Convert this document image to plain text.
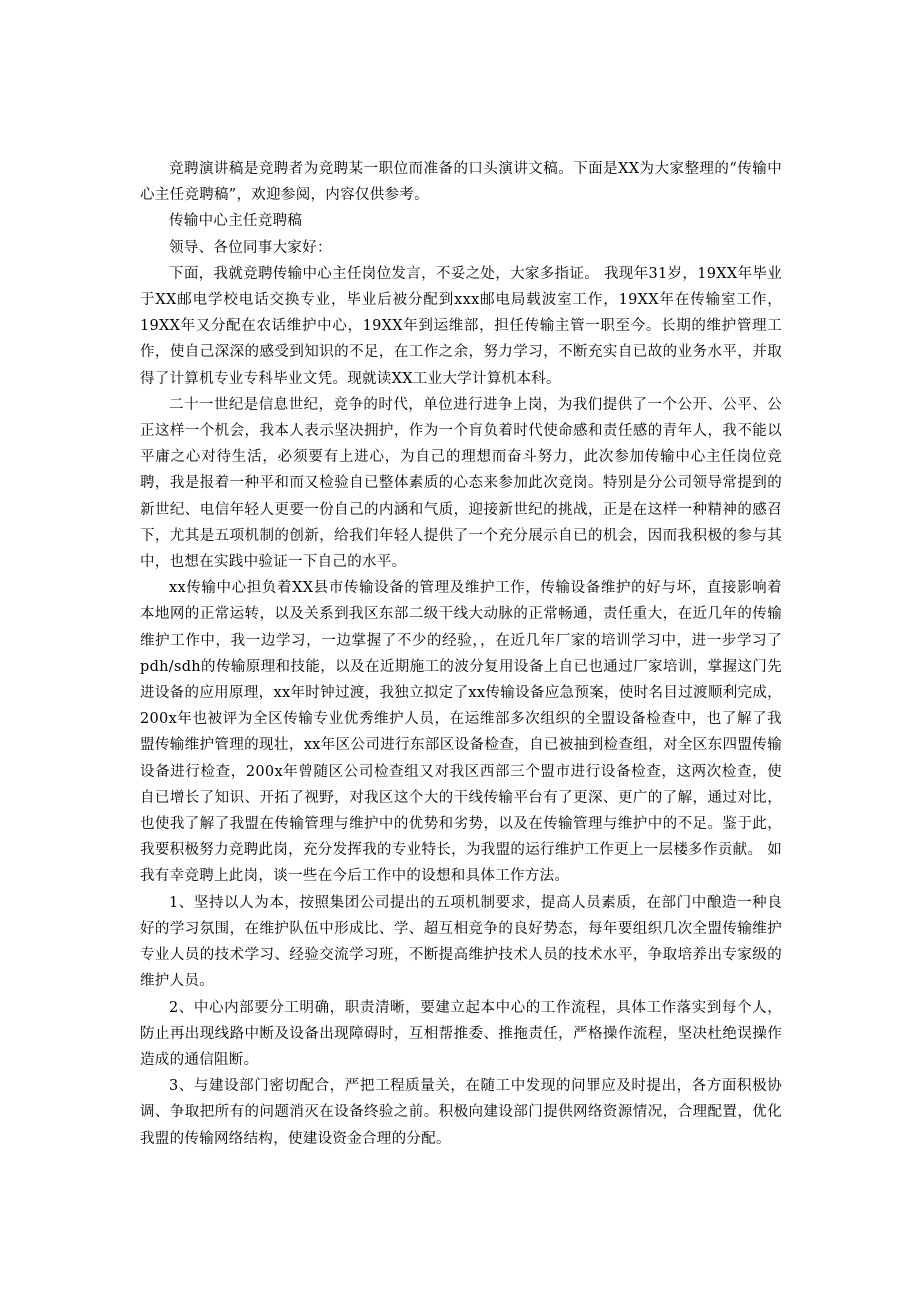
竞聘演讲稿是竞聘者为竞聘某一职位而准备的口头演讲文稿。下面是XX为大家整理的“传输中心主任竞聘稿”，欢迎参阅，内容仅供参考。

传输中心主任竞聘稿

领导、各位同事大家好：

下面，我就竞聘传输中心主任岗位发言，不妥之处，大家多指证。 我现年31岁，19XX年毕业于XX邮电学校电话交换专业，毕业后被分配到xxx邮电局载波室工作，19XX年在传输室工作，19XX年又分配在农话维护中心，19XX年到运维部，担任传输主管一职至今。长期的维护管理工作，使自己深深的感受到知识的不足，在工作之余，努力学习，不断充实自已故的业务水平，并取得了计算机专业专科毕业文凭。现就读XX工业大学计算机本科。

二十一世纪是信息世纪，竞争的时代，单位进行进争上岗，为我们提供了一个公开、公平、公正这样一个机会，我本人表示坚决拥护，作为一个肓负着时代使命感和责任感的青年人，我不能以平庸之心对待生活，必须要有上进心，为自己的理想而奋斗努力，此次参加传输中心主任岗位竞聘，我是报着一种平和而又检验自已整体素质的心态来参加此次竞岗。特别是分公司领导常提到的新世纪、电信年轻人更要一份自己的内涵和气质，迎接新世纪的挑战，正是在这样一种精神的感召下，尤其是五项机制的创新，给我们年轻人提供了一个充分展示自已的机会，因而我积极的参与其中，也想在实践中验证一下自己的水平。

xx传输中心担负着XX县市传输设备的管理及维护工作，传输设备维护的好与坏，直接影响着本地网的正常运转，以及关系到我区东部二级干线大动脉的正常畅通，责任重大，在近几年的传输维护工作中，我一边学习，一边掌握了不少的经验，，在近几年厂家的培训学习中，进一步学习了pdh/sdh的传输原理和技能，以及在近期施工的波分复用设备上自已也通过厂家培训，掌握这门先进设备的应用原理，xx年时钟过渡，我独立拟定了xx传输设备应急预案，使时名目过渡顺利完成，200x年也被评为全区传输专业优秀维护人员，在运维部多次组织的全盟设备检查中，也了解了我盟传输维护管理的现壮，xx年区公司进行东部区设备检查，自已被抽到检查组，对全区东四盟传输设备进行检查，200x年曾随区公司检查组又对我区西部三个盟市进行设备检查，这两次检查，使自已增长了知识、开拓了视野，对我区这个大的干线传输平台有了更深、更广的了解，通过对比，也使我了解了我盟在传输管理与维护中的优势和劣势，以及在传输管理与维护中的不足。鉴于此，我要积极努力竞聘此岗，充分发挥我的专业特长，为我盟的运行维护工作更上一层楼多作贡献。 如我有幸竞聘上此岗，谈一些在今后工作中的设想和具体工作方法。

1、坚持以人为本，按照集团公司提出的五项机制要求，提高人员素质，在部门中酿造一种良好的学习氛围，在维护队伍中形成比、学、超互相竞争的良好势态，每年要组织几次全盟传输维护专业人员的技术学习、经验交流学习班，不断提高维护技术人员的技术水平，争取培养出专家级的维护人员。

2、中心内部要分工明确，职责清晰，要建立起本中心的工作流程，具体工作落实到每个人，防止再出现线路中断及设备出现障碍时，互相帮推委、推拖责任，严格操作流程，坚决杜绝误操作造成的通信阻断。

3、与建设部门密切配合，严把工程质量关，在随工中发现的问罪应及时提出，各方面积极协调、争取把所有的问题消灭在设备终验之前。积极向建设部门提供网络资源情况，合理配置，优化我盟的传输网络结构，使建设资金合理的分配。
